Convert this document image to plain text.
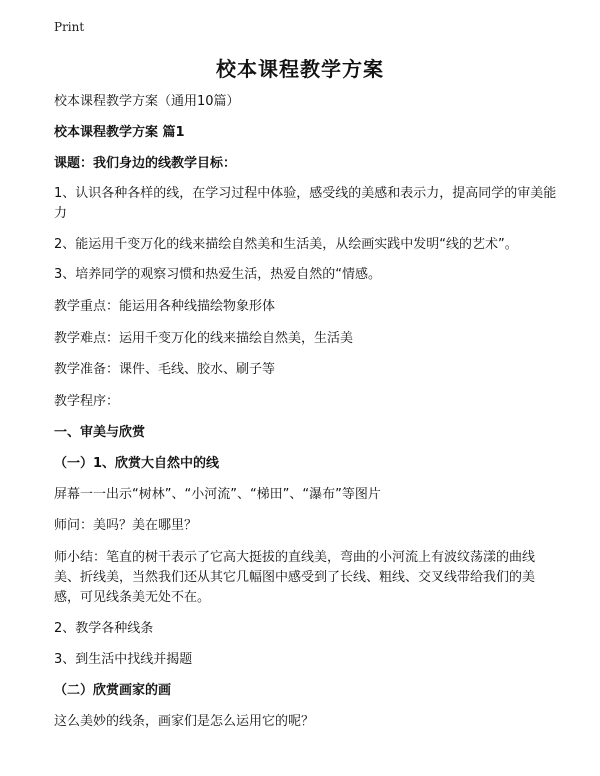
Print
校本课程教学方案

校本课程教学方案（通用10篇）

校本课程教学方案 篇1

课题：我们身边的线教学目标：

1、认识各种各样的线，在学习过程中体验，感受线的美感和表示力，提高同学的审美能力

2、能运用千变万化的线来描绘自然美和生活美，从绘画实践中发明“线的艺术”。

3、培养同学的观察习惯和热爱生活，热爱自然的“情感。

教学重点：能运用各种线描绘物象形体

教学难点：运用千变万化的线来描绘自然美，生活美

教学准备：课件、毛线、胶水、刷子等

教学程序：

一、审美与欣赏

（一）1、欣赏大自然中的线

屏幕一一出示“树林”、“小河流”、“梯田”、“瀑布”等图片

师问：美吗？美在哪里？

师小结：笔直的树干表示了它高大挺拔的直线美，弯曲的小河流上有波纹荡漾的曲线美、折线美，当然我们还从其它几幅图中感受到了长线、粗线、交叉线带给我们的美感，可见线条美无处不在。

2、教学各种线条

3、到生活中找线并揭题

（二）欣赏画家的画

这么美妙的线条，画家们是怎么运用它的呢？
